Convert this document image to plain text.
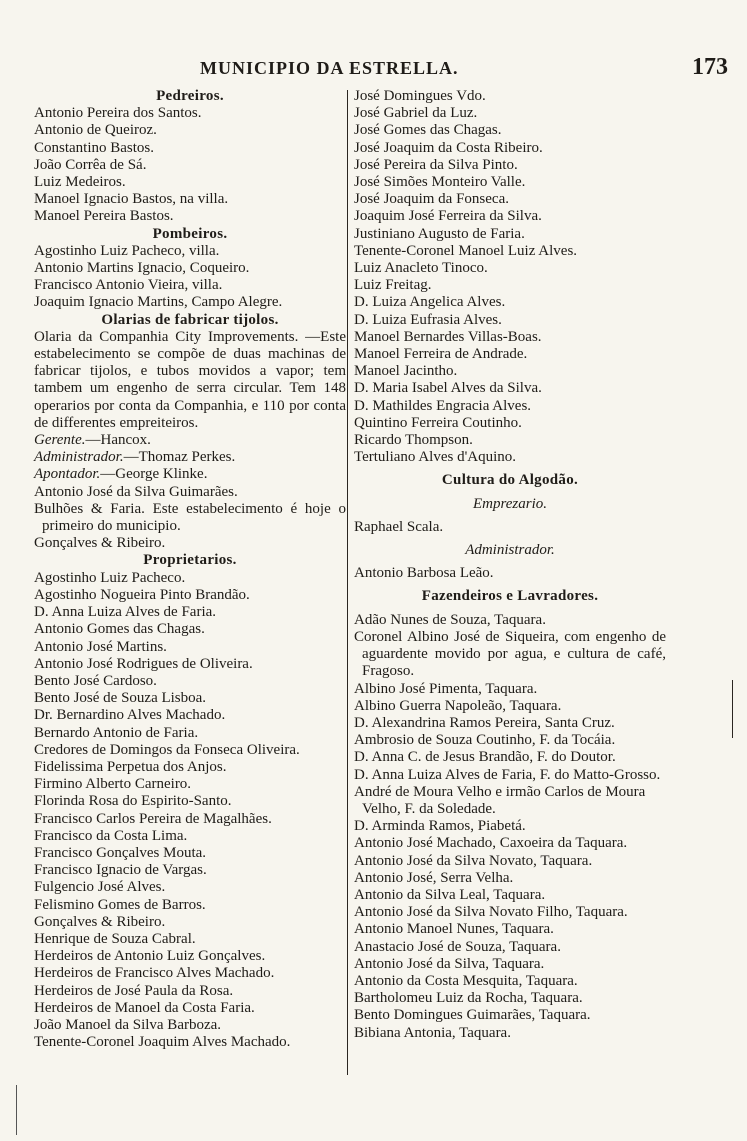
MUNICIPIO DA ESTRELLA.	173
Pedreiros.
Antonio Pereira dos Santos.
Antonio de Queiroz.
Constantino Bastos.
João Corrêa de Sá.
Luiz Medeiros.
Manoel Ignacio Bastos, na villa.
Manoel Pereira Bastos.
Pombeiros.
Agostinho Luiz Pacheco, villa.
Antonio Martins Ignacio, Coqueiro.
Francisco Antonio Vieira, villa.
Joaquim Ignacio Martins, Campo Alegre.
Olarias de fabricar tijolos.
Olaria da Companhia City Improvements. —Este estabelecimento se compõe de duas machinas de fabricar tijolos, e tubos movidos a vapor; tem tambem um engenho de serra circular. Tem 148 operarios por conta da Companhia, e 110 por conta de differentes empreiteiros.
Gerente.—Hancox.
Administrador.—Thomaz Perkes.
Apontador.—George Klinke.
Antonio José da Silva Guimarães.
Bulhões & Faria. Este estabelecimento é hoje o primeiro do municipio.
Gonçalves & Ribeiro.
Proprietarios.
Agostinho Luiz Pacheco.
Agostinho Nogueira Pinto Brandão.
D. Anna Luiza Alves de Faria.
Antonio Gomes das Chagas.
Antonio José Martins.
Antonio José Rodrigues de Oliveira.
Bento José Cardoso.
Bento José de Souza Lisboa.
Dr. Bernardino Alves Machado.
Bernardo Antonio de Faria.
Credores de Domingos da Fonseca Oliveira.
Fidelissima Perpetua dos Anjos.
Firmino Alberto Carneiro.
Florinda Rosa do Espirito-Santo.
Francisco Carlos Pereira de Magalhães.
Francisco da Costa Lima.
Francisco Gonçalves Mouta.
Francisco Ignacio de Vargas.
Fulgencio José Alves.
Felismino Gomes de Barros.
Gonçalves & Ribeiro.
Henrique de Souza Cabral.
Herdeiros de Antonio Luiz Gonçalves.
Herdeiros de Francisco Alves Machado.
Herdeiros de José Paula da Rosa.
Herdeiros de Manoel da Costa Faria.
João Manoel da Silva Barboza.
Tenente-Coronel Joaquim Alves Machado.
José Domingues Vdo.
José Gabriel da Luz.
José Gomes das Chagas.
José Joaquim da Costa Ribeiro.
José Pereira da Silva Pinto.
José Simões Monteiro Valle.
José Joaquim da Fonseca.
Joaquim José Ferreira da Silva.
Justiniano Augusto de Faria.
Tenente-Coronel Manoel Luiz Alves.
Luiz Anacleto Tinoco.
Luiz Freitag.
D. Luiza Angelica Alves.
D. Luiza Eufrasia Alves.
Manoel Bernardes Villas-Boas.
Manoel Ferreira de Andrade.
Manoel Jacintho.
D. Maria Isabel Alves da Silva.
D. Mathildes Engracia Alves.
Quintino Ferreira Coutinho.
Ricardo Thompson.
Tertuliano Alves d'Aquino.
Cultura do Algodão.
Emprezario.
Raphael Scala.
Administrador.
Antonio Barbosa Leão.
Fazendeiros e Lavradores.
Adão Nunes de Souza, Taquara.
Coronel Albino José de Siqueira, com engenho de aguardente movido por agua, e cultura de café, Fragoso.
Albino José Pimenta, Taquara.
Albino Guerra Napoleão, Taquara.
D. Alexandrina Ramos Pereira, Santa Cruz.
Ambrosio de Souza Coutinho, F. da Tocáia.
D. Anna C. de Jesus Brandão, F. do Doutor.
D. Anna Luiza Alves de Faria, F. do Matto-Grosso.
André de Moura Velho e irmão Carlos de Moura Velho, F. da Soledade.
D. Arminda Ramos, Piabetá.
Antonio José Machado, Caxoeira da Taquara.
Antonio José da Silva Novato, Taquara.
Antonio José, Serra Velha.
Antonio da Silva Leal, Taquara.
Antonio José da Silva Novato Filho, Taquara.
Antonio Manoel Nunes, Taquara.
Anastacio José de Souza, Taquara.
Antonio José da Silva, Taquara.
Antonio da Costa Mesquita, Taquara.
Bartholomeu Luiz da Rocha, Taquara.
Bento Domingues Guimarães, Taquara.
Bibiana Antonia, Taquara.
